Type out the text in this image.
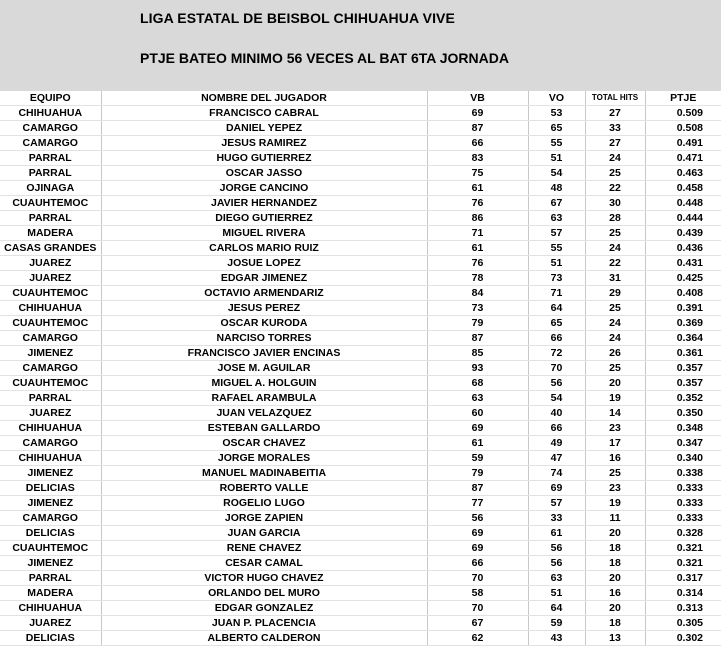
LIGA ESTATAL DE BEISBOL CHIHUAHUA VIVE
PTJE BATEO MINIMO 56 VECES AL BAT 6TA JORNADA
EQUIPO	NOMBRE DEL JUGADOR	VB	VO	TOTAL HITS	PTJE
CHIHUAHUA	FRANCISCO CABRAL	69	53	27	0.509
CAMARGO	DANIEL YEPEZ	87	65	33	0.508
CAMARGO	JESUS RAMIREZ	66	55	27	0.491
PARRAL	HUGO GUTIERREZ	83	51	24	0.471
PARRAL	OSCAR JASSO	75	54	25	0.463
OJINAGA	JORGE CANCINO	61	48	22	0.458
CUAUHTEMOC	JAVIER HERNANDEZ	76	67	30	0.448
PARRAL	DIEGO GUTIERREZ	86	63	28	0.444
MADERA	MIGUEL RIVERA	71	57	25	0.439
CASAS GRANDES	CARLOS MARIO RUIZ	61	55	24	0.436
JUAREZ	JOSUE LOPEZ	76	51	22	0.431
JUAREZ	EDGAR JIMENEZ	78	73	31	0.425
CUAUHTEMOC	OCTAVIO ARMENDARIZ	84	71	29	0.408
CHIHUAHUA	JESUS PEREZ	73	64	25	0.391
CUAUHTEMOC	OSCAR KURODA	79	65	24	0.369
CAMARGO	NARCISO TORRES	87	66	24	0.364
JIMENEZ	FRANCISCO JAVIER ENCINAS	85	72	26	0.361
CAMARGO	JOSE M. AGUILAR	93	70	25	0.357
CUAUHTEMOC	MIGUEL A. HOLGUIN	68	56	20	0.357
PARRAL	RAFAEL ARAMBULA	63	54	19	0.352
JUAREZ	JUAN VELAZQUEZ	60	40	14	0.350
CHIHUAHUA	ESTEBAN GALLARDO	69	66	23	0.348
CAMARGO	OSCAR CHAVEZ	61	49	17	0.347
CHIHUAHUA	JORGE MORALES	59	47	16	0.340
JIMENEZ	MANUEL MADINABEITIA	79	74	25	0.338
DELICIAS	ROBERTO VALLE	87	69	23	0.333
JIMENEZ	ROGELIO LUGO	77	57	19	0.333
CAMARGO	JORGE ZAPIEN	56	33	11	0.333
DELICIAS	JUAN GARCIA	69	61	20	0.328
CUAUHTEMOC	RENE CHAVEZ	69	56	18	0.321
JIMENEZ	CESAR CAMAL	66	56	18	0.321
PARRAL	VICTOR HUGO CHAVEZ	70	63	20	0.317
MADERA	ORLANDO DEL MURO	58	51	16	0.314
CHIHUAHUA	EDGAR GONZALEZ	70	64	20	0.313
JUAREZ	JUAN P. PLACENCIA	67	59	18	0.305
DELICIAS	ALBERTO CALDERON	62	43	13	0.302
